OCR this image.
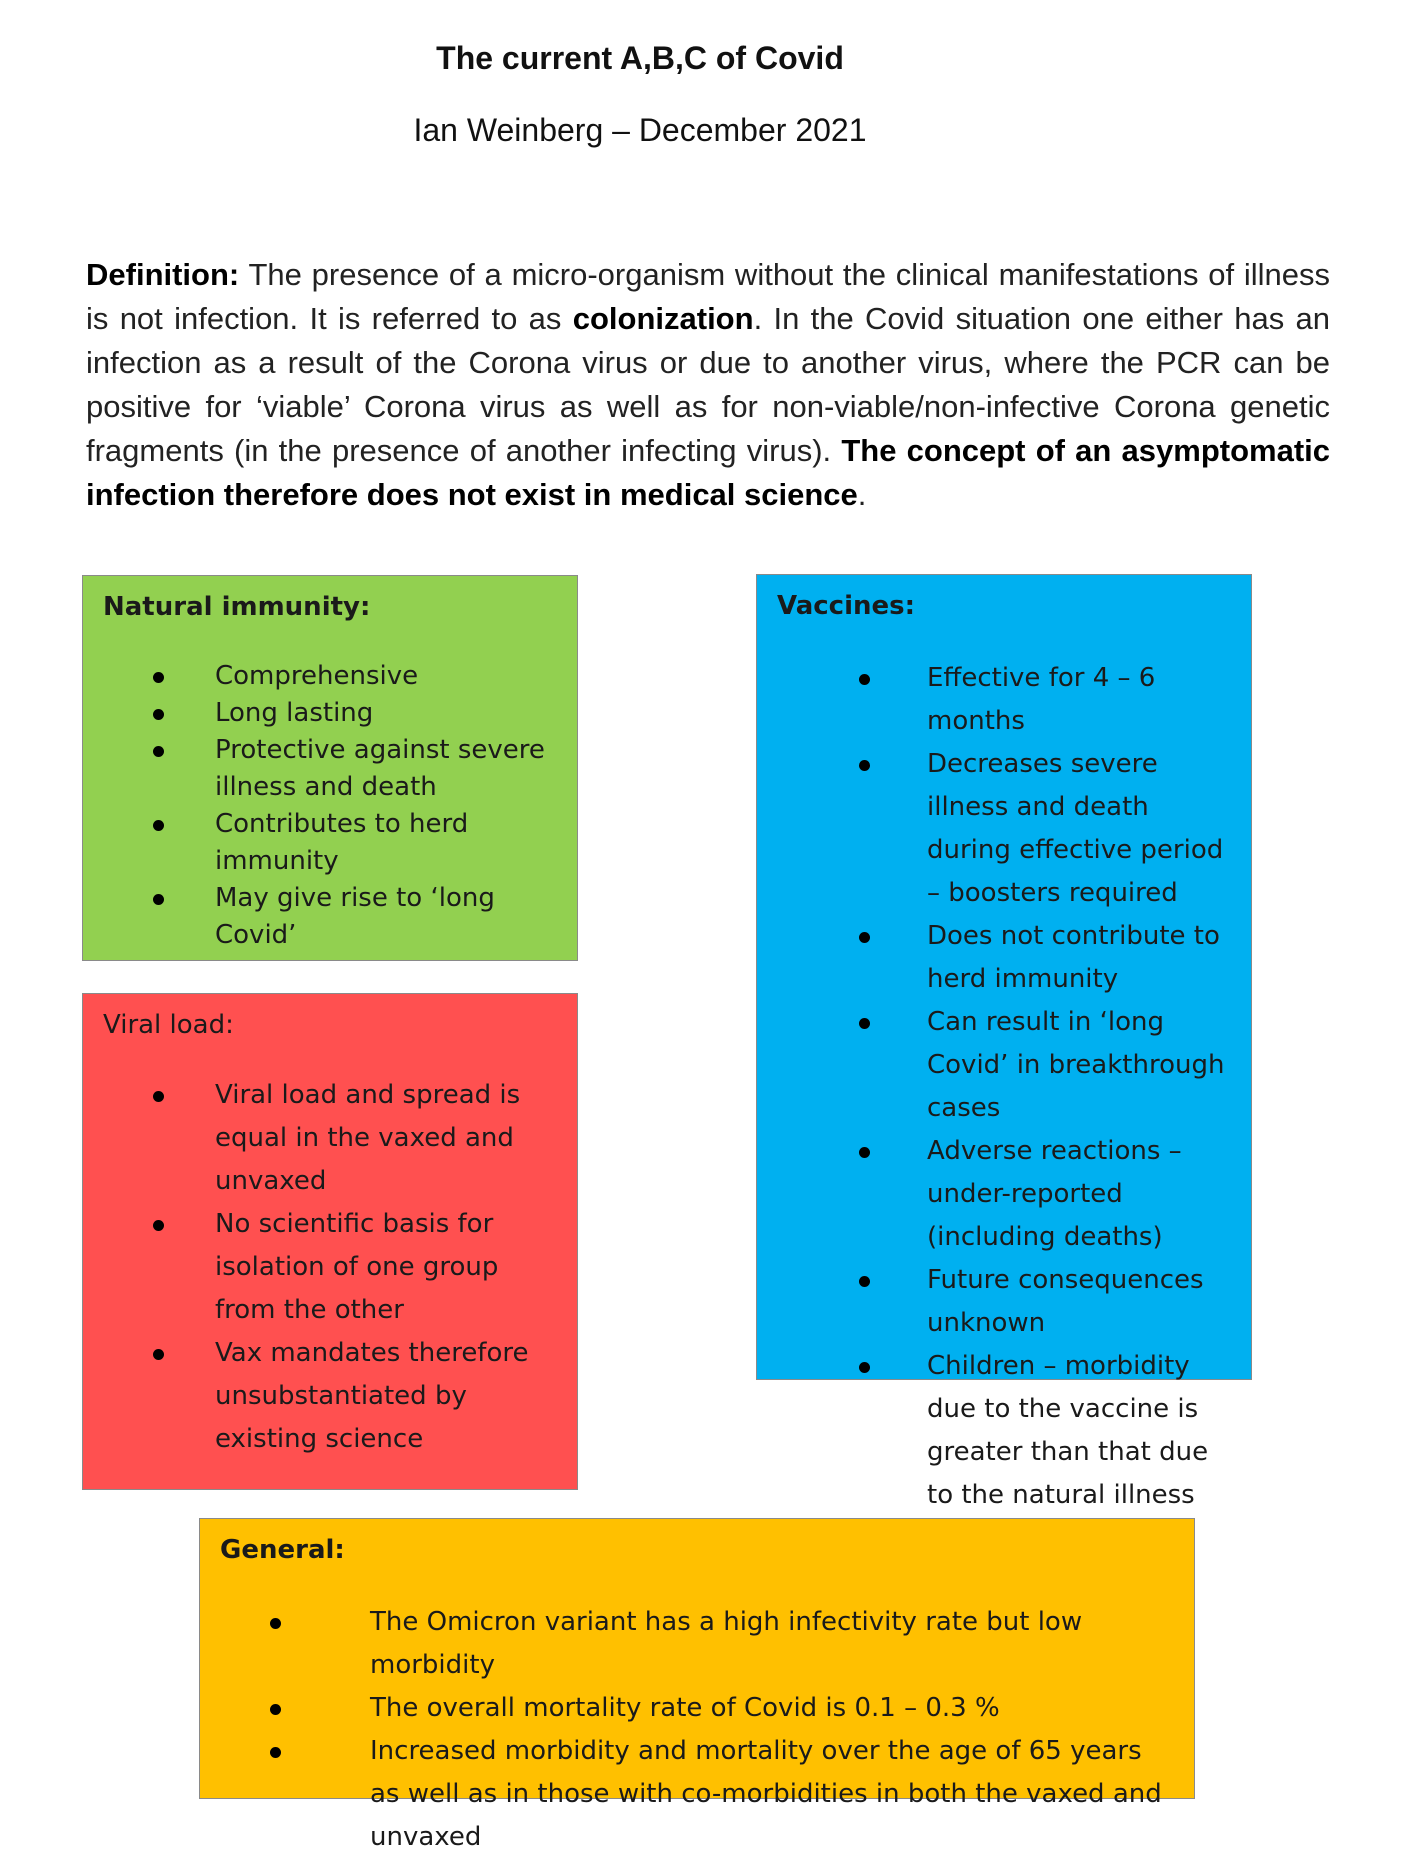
The current A,B,C of Covid
Ian Weinberg – December 2021
Definition: The presence of a micro-organism without the clinical manifestations of illness is not infection. It is referred to as colonization. In the Covid situation one either has an infection as a result of the Corona virus or due to another virus, where the PCR can be positive for ‘viable’ Corona virus as well as for non-viable/non-infective Corona genetic fragments (in the presence of another infecting virus). The concept of an asymptomatic infection therefore does not exist in medical science.
Natural immunity:
Comprehensive
Long lasting
Protective against severe illness and death
Contributes to herd immunity
May give rise to ‘long Covid’
Viral load:
Viral load and spread is equal in the vaxed and unvaxed
No scientific basis for isolation of one group from the other
Vax mandates therefore unsubstantiated by existing science
Vaccines:
Effective for 4 – 6 months
Decreases severe illness and death during effective period – boosters required
Does not contribute to herd immunity
Can result in ‘long Covid’ in breakthrough cases
Adverse reactions – under-reported (including deaths)
Future consequences unknown
Children – morbidity due to the vaccine is greater than that due to the natural illness
General:
The Omicron variant has a high infectivity rate but low morbidity
The overall mortality rate of Covid is 0.1 – 0.3 %
Increased morbidity and mortality over the age of 65 years as well as in those with co-morbidities in both the vaxed and unvaxed
